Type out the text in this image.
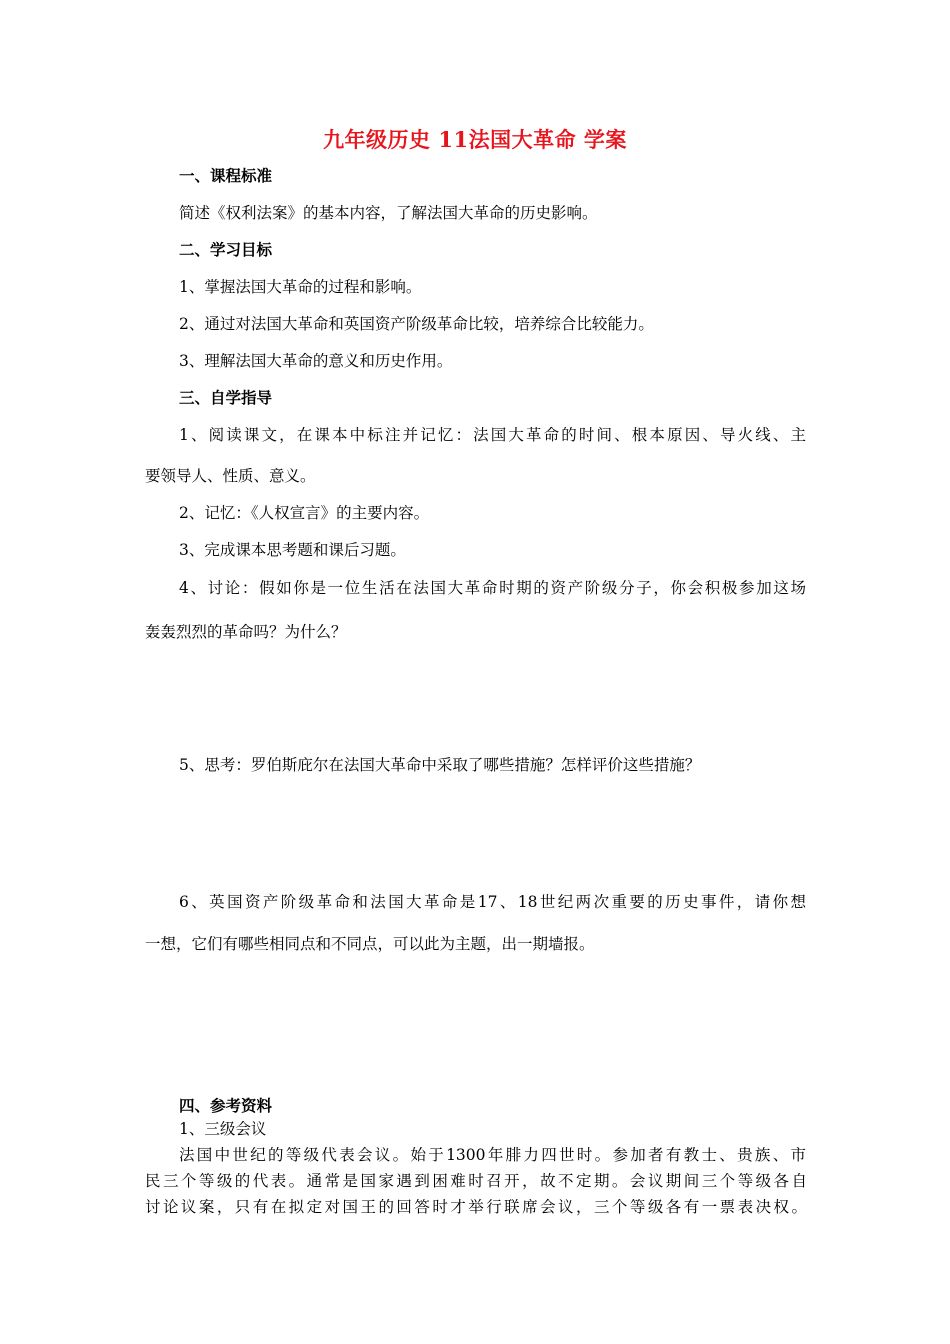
九年级历史 11法国大革命 学案
一、课程标准
简述《权利法案》的基本内容，了解法国大革命的历史影响。
二、学习目标
1、掌握法国大革命的过程和影响。
2、通过对法国大革命和英国资产阶级革命比较，培养综合比较能力。
3、理解法国大革命的意义和历史作用。
三、自学指导
1、阅读课文，在课本中标注并记忆：法国大革命的时间、根本原因、导火线、主
要领导人、性质、意义。
2、记忆：《人权宣言》的主要内容。
3、完成课本思考题和课后习题。
4、讨论：假如你是一位生活在法国大革命时期的资产阶级分子，你会积极参加这场
轰轰烈烈的革命吗？为什么？
5、思考：罗伯斯庇尔在法国大革命中采取了哪些措施？怎样评价这些措施？
6、英国资产阶级革命和法国大革命是17、18世纪两次重要的历史事件，请你想
一想，它们有哪些相同点和不同点，可以此为主题，出一期墙报。
四、参考资料
1、三级会议
法国中世纪的等级代表会议。始于1300年腓力四世时。参加者有教士、贵族、市
民三个等级的代表。通常是国家遇到困难时召开，故不定期。会议期间三个等级各自
讨论议案，只有在拟定对国王的回答时才举行联席会议，三个等级各有一票表决权。
